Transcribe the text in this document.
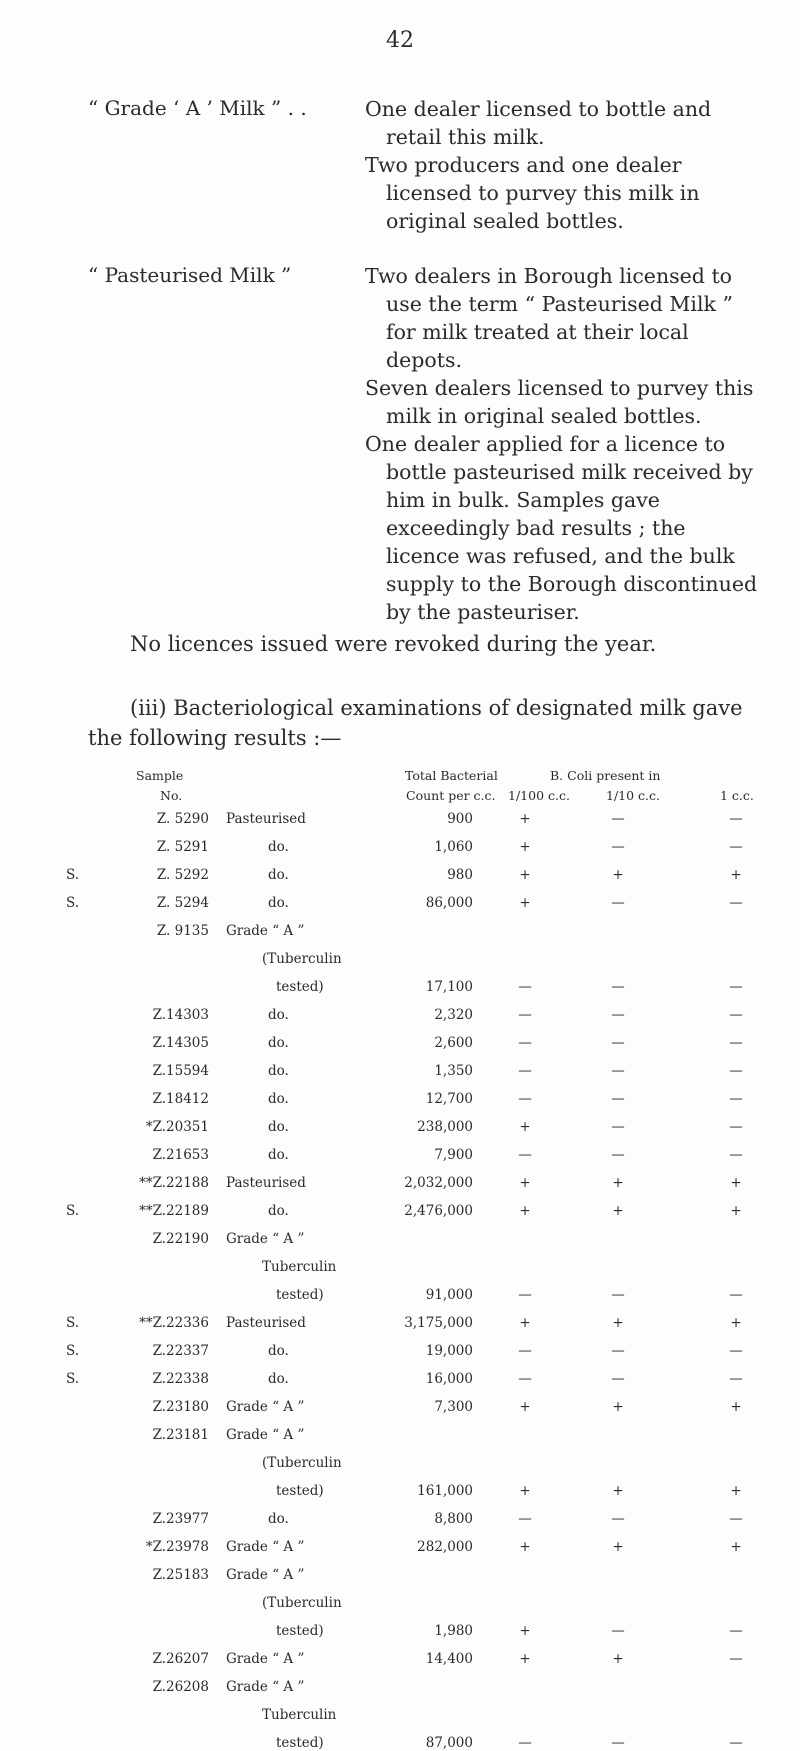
42
“ Grade ‘ A ’ Milk ” . .	One dealer licensed to bottle and retail this milk.

Two producers and one dealer licensed to purvey this milk in original sealed bottles.

“ Pasteurised Milk ”	Two dealers in Borough licensed to use the term “ Pasteurised Milk ” for milk treated at their local depots.

Seven dealers licensed to purvey this milk in original sealed bottles.

One dealer applied for a licence to bottle pasteurised milk received by him in bulk. Samples gave exceedingly bad results ; the licence was refused, and the bulk supply to the Borough discontinued by the pasteuriser.

No licences issued were revoked during the year.
(iii) Bacteriological examinations of designated milk gave the following results :—
Sample
No.
Total Bacterial
Count per c.c.
B. Coli present in
1/100 c.c.	1/10 c.c.	1 c.c.
Z. 5290 Pasteurised	900	+	—	—
Z. 5291	do.	1,060	+	—	—
S.	Z. 5292	do.	980	+	+	+
S.	Z. 5294	do.	86,000	+	—	—
Z. 9135 Grade “ A ”
(Tuberculin
tested)	17,100	—	—	—
Z.14303	do.	2,320	—	—	—
Z.14305	do.	2,600	—	—	—
Z.15594	do.	1,350	—	—	—
Z.18412	do.	12,700	—	—	—
*Z.20351	do.	238,000	+	—	—
Z.21653	do.	7,900	—	—	—
**Z.22188 Pasteurised	2,032,000	+	+	+
S.	**Z.22189	do.	2,476,000	+	+	+
Z.22190 Grade “ A ”
Tuberculin
tested)	91,000	—	—	—
S.	**Z.22336 Pasteurised	3,175,000	+	+	+
S.	Z.22337	do.	19,000	—	—	—
S.	Z.22338	do.	16,000	—	—	—
Z.23180 Grade “ A ”	7,300	+	+	+
Z.23181 Grade “ A ”
(Tuberculin
tested)	161,000	+	+	+
Z.23977	do.	8,800	—	—	—
*Z.23978 Grade “ A ”	282,000	+	+	+
Z.25183 Grade “ A ”
(Tuberculin
tested)	1,980	+	—	—
Z.26207 Grade “ A ”	14,400	+	+	—
Z.26208 Grade “ A ”
Tuberculin
tested)	87,000	—	—	—
